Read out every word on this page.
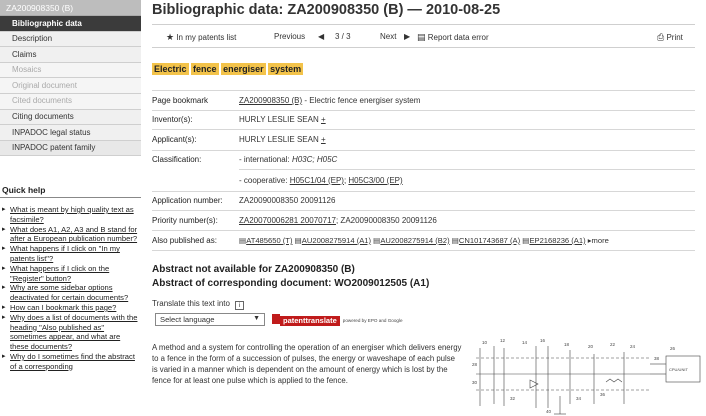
ZA200908350 (B)
Bibliographic data
Description
Claims
Mosaics
Original document
Cited documents
Citing documents
INPADOC legal status
INPADOC patent family
Quick help
▸ What is meant by high quality text as facsimile?
▸ What does A1, A2, A3 and B stand for after a European publication number?
▸ What happens if I click on "In my patents list"?
▸ What happens if I click on the "Register" button?
▸ Why are some sidebar options deactivated for certain documents?
▸ How can I bookmark this page?
▸ Why does a list of documents with the heading "Also published as" sometimes appear, and what are these documents?
▸ Why do I sometimes find the abstract of a corresponding
Bibliographic data: ZA200908350 (B) — 2010-08-25
★ In my patents list	Previous ◀ 3 / 3	Next ▶ ▤ Report data error	⎙ Print
Electric fence energiser system
Page bookmark	ZA200908350 (B) - Electric fence energiser system
Inventor(s):	HURLY LESLIE SEAN +
Applicant(s):	HURLY LESLIE SEAN +
Classification:	- international: H03C; H05C
- cooperative: H05C1/04 (EP); H05C3/00 (EP)
Application number: ZA20090008350 20091126
Priority number(s):	ZA20070006281 20070717; ZA20090008350 20091126
Also published as:	▤AT485650 (T) ▤AU2008275914 (A1) ▤AU2008275914 (B2) ▤CN101743687 (A) ▤EP2168236 (A1) ▸more
Abstract not available for ZA200908350 (B)
Abstract of corresponding document: WO2009012505 (A1)
Translate this text into i
Select language	▼	patenttranslate powered by EPO and Google
A method and a system for controlling the operation of an energiser which delivers energy to a fence in the form of a succession of pulses, the energy or waveshape of each pulse is varied in a manner which is dependent on the amount of energy which is lost by the fence for at least one pulse which is applied to the fence.
10	12	14	16
18	20	22	24	26
28
30
32	34
36
38
40
CPU/UNIT
